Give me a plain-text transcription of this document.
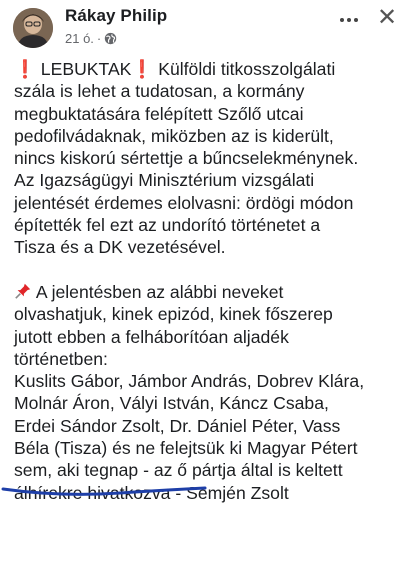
Rákay Philip
21 ó. ·
✕
❗ LEBUKTAK❗ Külföldi titkosszolgálati
szála is lehet a tudatosan, a kormány
megbuktatására felépített Szőlő utcai
pedofilvádaknak, miközben az is kiderült,
nincs kiskorú sértettje a bűncselekménynek.
Az Igazságügyi Minisztérium vizsgálati
jelentését érdemes elolvasni: ördögi módon
építették fel ezt az undorító történetet a
Tisza és a DK vezetésével.
A jelentésben az alábbi neveket
olvashatjuk, kinek epizód, kinek főszerep
jutott ebben a felháborítóan aljadék
történetben:
Kuslits Gábor, Jámbor András, Dobrev Klára,
Molnár Áron, Vályi István, Káncz Csaba,
Erdei Sándor Zsolt, Dr. Dániel Péter, Vass
Béla (Tisza) és ne felejtsük ki Magyar Pétert
sem, aki tegnap - az ő pártja által is keltett
álhírekre hivatkozva - Semjén Zsolt
